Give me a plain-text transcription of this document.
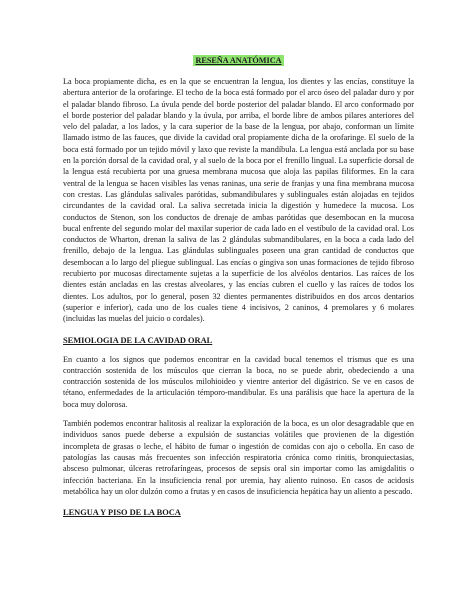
RESEÑA ANATÓMICA

La boca propiamente dicha, es en la que se encuentran la lengua, los dientes y las encías, constituye la abertura anterior de la orofaringe. El techo de la boca está formado por el arco óseo del paladar duro y por el paladar blando fibroso. La úvula pende del borde posterior del paladar blando. El arco conformado por el borde posterior del paladar blando y la úvula, por arriba, el borde libre de ambos pilares anteriores del velo del paladar, a los lados, y la cara superior de la base de la lengua, por abajo, conforman un límite llamado istmo de las fauces, que divide la cavidad oral propiamente dicha de la orofaringe. El suelo de la boca está formado por un tejido móvil y laxo que reviste la mandíbula. La lengua está anclada por su base en la porción dorsal de la cavidad oral, y al suelo de la boca por el frenillo lingual. La superficie dorsal de la lengua está recubierta por una gruesa membrana mucosa que aloja las papilas filiformes. En la cara ventral de la lengua se hacen visibles las venas raninas, una serie de franjas y una fina membrana mucosa con crestas. Las glándulas salivales parótidas, submandibulares y sublinguales están alojadas en tejidos circundantes de la cavidad oral. La saliva secretada inicia la digestión y humedece la mucosa. Los conductos de Stenon, son los conductos de drenaje de ambas parótidas que desembocan en la mucosa bucal enfrente del segundo molar del maxilar superior de cada lado en el vestíbulo de la cavidad oral. Los conductos de Wharton, drenan la saliva de las 2 glándulas submandibulares, en la boca a cada lado del frenillo, debajo de la lengua. Las glándulas sublinguales poseen una gran cantidad de conductos que desembocan a lo largo del pliegue sublingual. Las encías o gingiva son unas formaciones de tejido fibroso recubierto por mucosas directamente sujetas a la superficie de los alvéolos dentarios. Las raíces de los dientes están ancladas en las crestas alveolares, y las encías cubren el cuello y las raíces de todos los dientes. Los adultos, por lo general, posen 32 dientes permanentes distribuidos en dos arcos dentarios (superior e inferior), cada uno de los cuales tiene 4 incisivos, 2 caninos, 4 premolares y 6 molares (incluidas las muelas del juicio o cordales).

SEMIOLOGIA DE LA CAVIDAD ORAL

En cuanto a los signos que podemos encontrar en la cavidad bucal tenemos el trismus que es una contracción sostenida de los músculos que cierran la boca, no se puede abrir, obedeciendo a una contracción sostenida de los músculos milohioideo y vientre anterior del digástrico. Se ve en casos de tétano, enfermedades de la articulación témporo-mandibular. Es una parálisis que hace la apertura de la boca muy dolorosa.

También podemos encontrar halitosis al realizar la exploración de la boca, es un olor desagradable que en individuos sanos puede deberse a expulsión de sustancias volátiles que provienen de la digestión incompleta de grasas o leche, el hábito de fumar o ingestión de comidas con ajo o cebolla. En caso de patologías las causas más frecuentes son infección respiratoria crónica como rinitis, bronquiectasias, absceso pulmonar, úlceras retrofaríngeas, procesos de sepsis oral sin importar como las amigdalitis o infección bacteriana. En la insuficiencia renal por uremia, hay aliento ruinoso. En casos de acidosis metabólica hay un olor dulzón como a frutas y en casos de insuficiencia hepática hay un aliento a pescado.

LENGUA Y PISO DE LA BOCA
